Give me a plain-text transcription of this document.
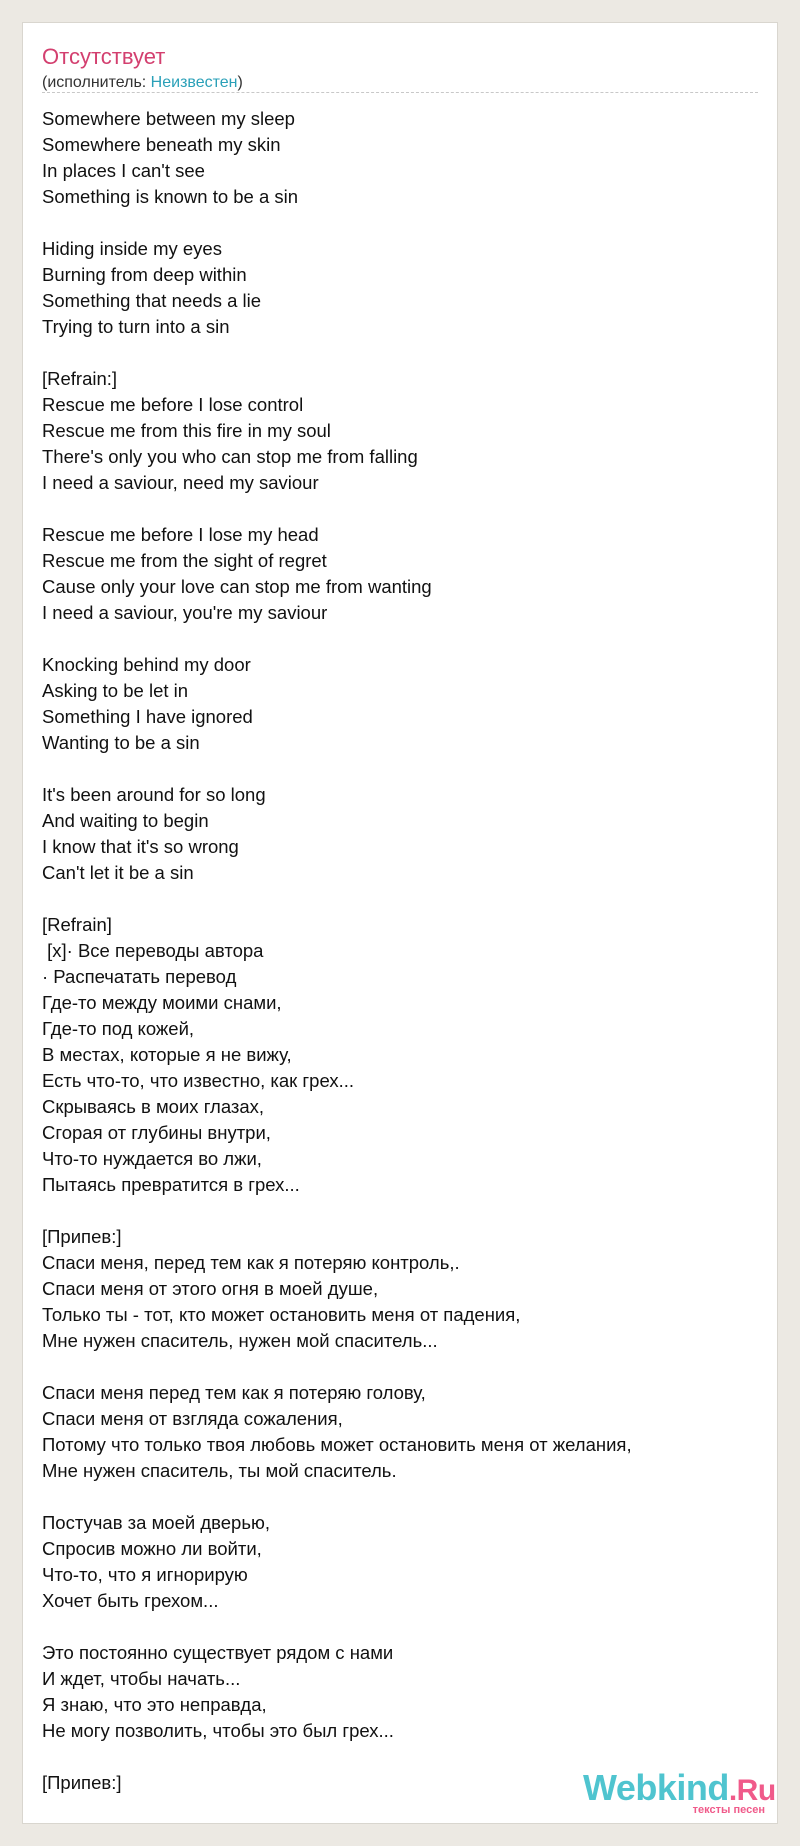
Отсутствует
(исполнитель: Неизвестен)
Somewhere between my sleep
Somewhere beneath my skin
In places I can't see
Something is known to be a sin
Hiding inside my eyes
Burning from deep within
Something that needs a lie
Trying to turn into a sin
[Refrain:]
Rescue me before I lose control
Rescue me from this fire in my soul
There's only you who can stop me from falling
I need a saviour, need my saviour
Rescue me before I lose my head
Rescue me from the sight of regret
Cause only your love can stop me from wanting
I need a saviour, you're my saviour
Knocking behind my door
Asking to be let in
Something I have ignored
Wanting to be a sin
It's been around for so long
And waiting to begin
I know that it's so wrong
Can't let it be a sin
[Refrain]
[x]· Все переводы автора
· Распечатать перевод
Где-то между моими снами,
Где-то под кожей,
В местах, которые я не вижу,
Есть что-то, что известно, как грех...
Скрываясь в моих глазах,
Сгорая от глубины внутри,
Что-то нуждается во лжи,
Пытаясь превратится в грех...
[Припев:]
Спаси меня, перед тем как я потеряю контроль,.
Спаси меня от этого огня в моей душе,
Только ты - тот, кто может остановить меня от падения,
Мне нужен спаситель, нужен мой спаситель...
Спаси меня перед тем как я потеряю голову,
Спаси меня от взгляда сожаления,
Потому что только твоя любовь может остановить меня от желания,
Мне нужен спаситель, ты мой спаситель.
Постучав за моей дверью,
Спросив можно ли войти,
Что-то, что я игнорирую
Хочет быть грехом...
Это постоянно существует рядом с нами
И ждет, чтобы начать...
Я знаю, что это неправда,
Не могу позволить, чтобы это был грех...
[Припев:]	Webkind.Ru
тексты песен
